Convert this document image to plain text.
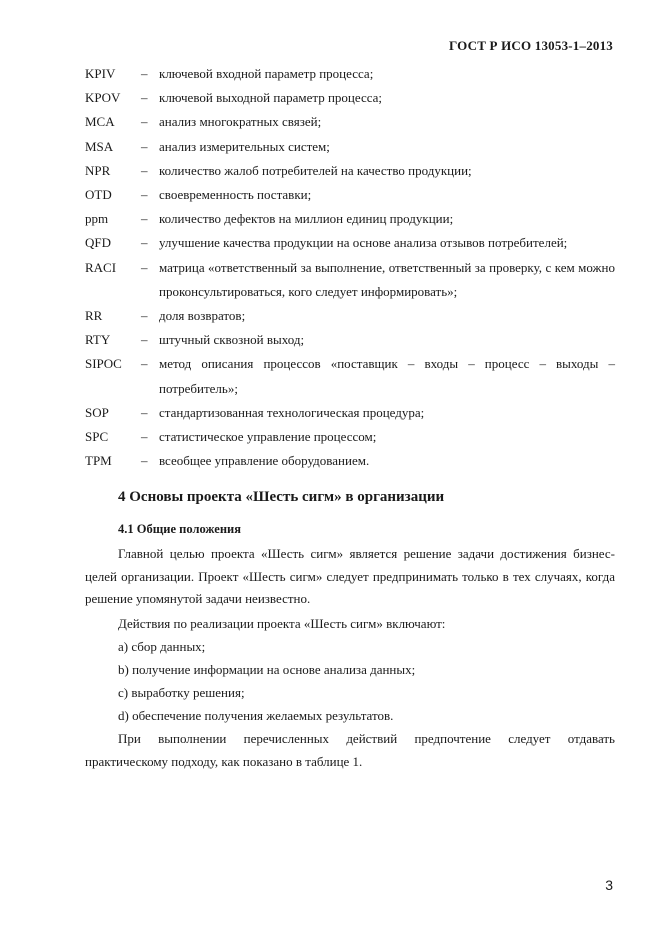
ГОСТ Р ИСО 13053-1–2013
KPIV	– ключевой входной параметр процесса;
KPOV	– ключевой выходной параметр процесса;
MCA	– анализ многократных связей;
MSA	– анализ измерительных систем;
NPR	– количество жалоб потребителей на качество продукции;
OTD	– своевременность поставки;
ppm	– количество дефектов на миллион единиц продукции;
QFD	– улучшение качества продукции на основе анализа отзывов потребителей;
RACI	– матрица «ответственный за выполнение, ответственный за проверку, с кем можно проконсультироваться, кого следует информировать»;
RR	– доля возвратов;
RTY	– штучный сквозной выход;
SIPOC	– метод описания процессов «поставщик – входы – процесс – выходы – потребитель»;
SOP	– стандартизованная технологическая процедура;
SPC	– статистическое управление процессом;
TPM	– всеобщее управление оборудованием.
4 Основы проекта «Шесть сигм» в организации
4.1 Общие положения
Главной целью проекта «Шесть сигм» является решение задачи достижения бизнес-целей организации. Проект «Шесть сигм» следует предпринимать только в тех случаях, когда решение упомянутой задачи неизвестно.
Действия по реализации проекта «Шесть сигм» включают:
a) сбор данных;
b) получение информации на основе анализа данных;
c) выработку решения;
d) обеспечение получения желаемых результатов.
При выполнении перечисленных действий предпочтение следует отдавать практическому подходу, как показано в таблице 1.
3
